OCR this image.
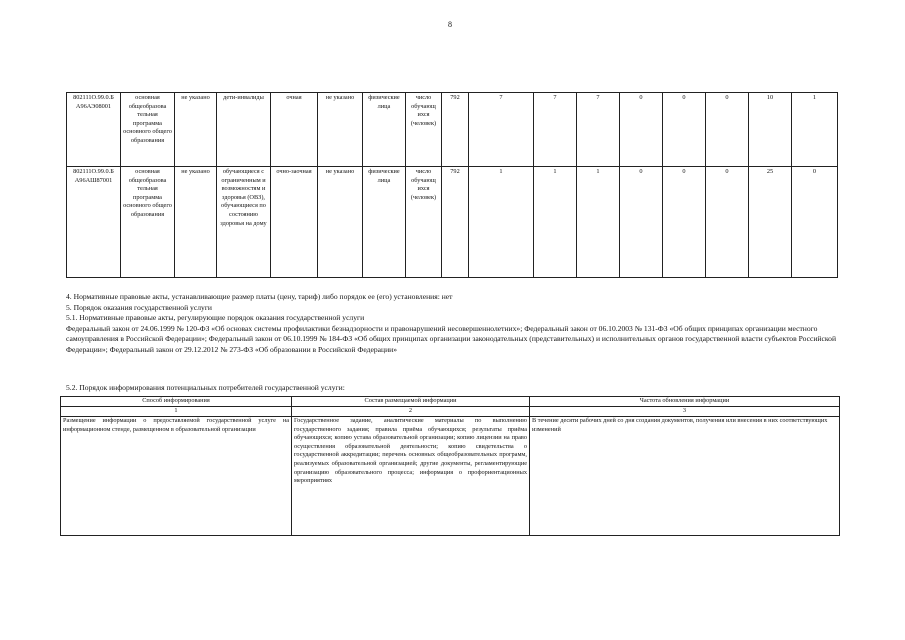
8
802111О.99.0.Б А96АЭ08001	основная общеобразова тельная программа основного общего образования	не указано	дети-инвалиды	очная	не указано	физические лица	число обучающ ихся (человек)	792	7	7	7	0	0	0	10	1
802111О.99.0.Б А96АШ87001	основная общеобразова тельная программа основного общего образования	не указано	обучающиеся с ограниченным и возможностям и здоровья (ОВЗ), обучающиеся по состоянию здоровья на дому	очно-заочная	не указано	физические лица	число обучающ ихся (человек)	792	1	1	1	0	0	0	25	0

4. Нормативные правовые акты, устанавливающие размер платы (цену, тариф) либо порядок ее (его) установления: нет

5. Порядок оказания государственной услуги

5.1. Нормативные правовые акты, регулирующие порядок оказания государственной услуги

Федеральный закон от 24.06.1999 № 120-ФЗ «Об основах системы профилактики безнадзорности и правонарушений несовершеннолетних»; Федеральный закон от 06.10.2003 № 131-ФЗ «Об общих принципах организации местного самоуправления в Российской Федерации»; Федеральный закон от 06.10.1999 № 184-ФЗ «Об общих принципах организации законодательных (представительных) и исполнительных органов государственной власти субъектов Российской Федерации»; Федеральный закон от 29.12.2012 № 273-ФЗ «Об образовании в Российской Федерации»

5.2. Порядок информирования потенциальных потребителей государственной услуги:
Способ информирования	Состав размещаемой информации	Частота обновления информации
1	2	3
Размещение информации о предоставляемой государственной услуге на информационном стенде, размещенном в образовательной организации	Государственное задание, аналитические материалы по выполнению государственного задания; правила приёма обучающихся; результаты приёма обучающихся; копию устава образовательной организации; копию лицензии на право осуществления образовательной деятельности; копию свидетельства о государственной аккредитации; перечень основных общеобразовательных программ, реализуемых образовательной организацией; другие документы, регламентирующие организацию образовательного процесса; информация о профориентационных мероприятиях	В течение десяти рабочих дней со дня создания документов, получения или внесения в них соответствующих изменений
